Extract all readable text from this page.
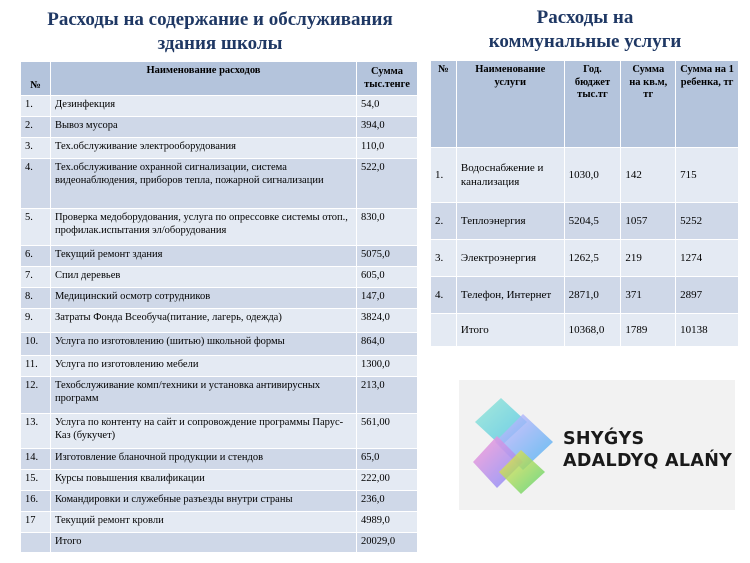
Расходы на содержание и обслуживания
здания школы
Расходы на
коммунальные услуги
№	Наименование расходов	Сумма тыс.тенге
1.	Дезинфекция	54,0
2.	Вывоз мусора	394,0
3.	Тех.обслуживание электрооборудования	110,0
4.	Тех.обслуживание охранной сигнализации, система видеонаблюдения, приборов тепла, пожарной сигнализации	522,0
5.	Проверка медоборудования, услуга по опрессовке системы отоп., профилак.испытания эл/оборудования	830,0
6.	Текущий ремонт здания	5075,0
7.	Спил деревьев	605,0
8.	Медицинский осмотр сотрудников	147,0
9.	Затраты Фонда Всеобуча(питание, лагерь, одежда)	3824,0
10.	Услуга по изготовлению (шитью) школьной формы	864,0
11.	Услуга по изготовлению мебели	1300,0
12.	Техобслуживание комп/техники и установка антивирусных программ	213,0
13.	Услуга по контенту на сайт и сопровождение программы Парус-Каз (букучет)	561,00
14.	Изготовление бланочной продукции и стендов	65,0
15.	Курсы повышения квалификации	222,00
16.	Командировки и служебные разъезды внутри страны	236,0
17	Текущий ремонт кровли	4989,0
	Итого	20029,0
№	Наименование услуги	Год. бюджет тыс.тг	Сумма на кв.м, тг	Сумма на 1 ребенка, тг
1.	Водоснабжение и канализация	1030,0	142	715
2.	Теплоэнергия	5204,5	1057	5252
3.	Электроэнергия	1262,5	219	1274
4.	Телефон, Интернет	2871,0	371	2897
	Итого	10368,0	1789	10138
SHYǴYS
ADALDYQ ALAŃY
